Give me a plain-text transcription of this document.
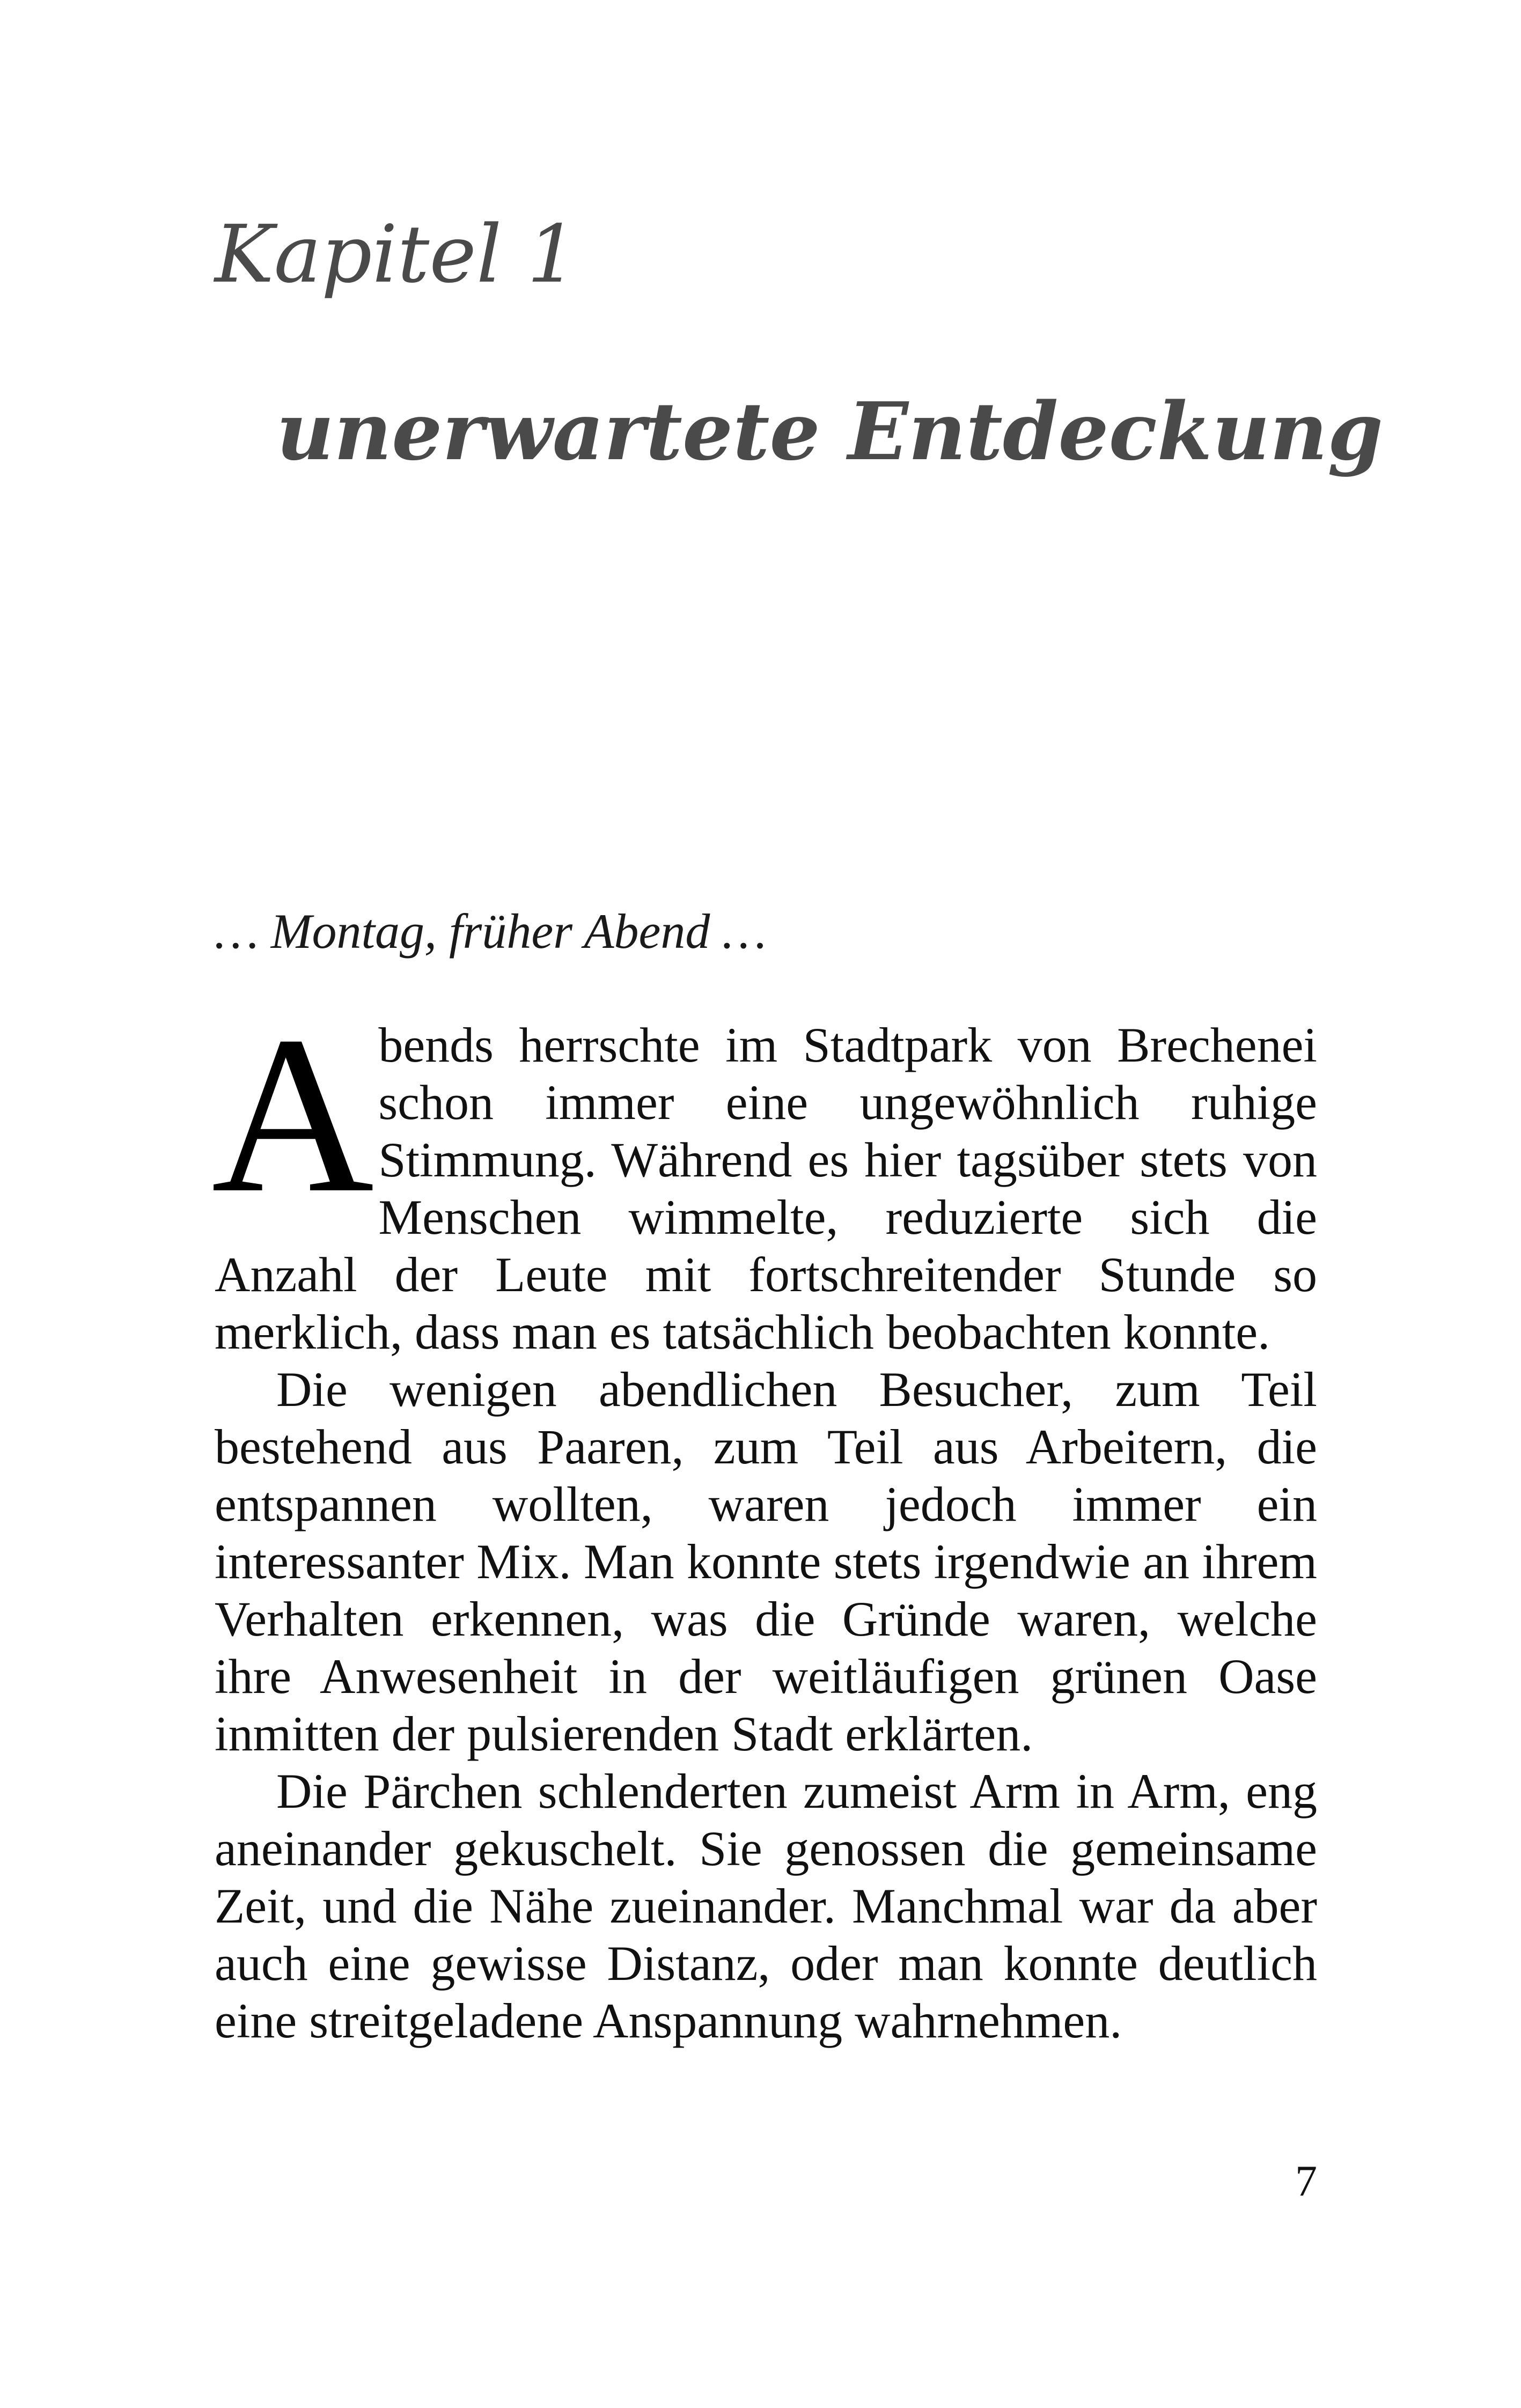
Kapitel 1
unerwartete Entdeckung
… Montag, früher Abend …

Abends herrschte im Stadtpark von Brechenei schon immer eine ungewöhnlich ruhige Stimmung. Während es hier tagsüber stets von Menschen wimmelte, reduzierte sich die Anzahl der Leute mit fortschreitender Stunde so merklich, dass man es tatsächlich beobachten konnte.

Die wenigen abendlichen Besucher, zum Teil bestehend aus Paaren, zum Teil aus Arbeitern, die entspannen wollten, waren jedoch immer ein interessanter Mix. Man konnte stets irgendwie an ihrem Verhalten erkennen, was die Gründe waren, welche ihre Anwesenheit in der weitläufigen grünen Oase inmitten der pulsierenden Stadt erklärten.

Die Pärchen schlenderten zumeist Arm in Arm, eng aneinander gekuschelt. Sie genossen die gemeinsame Zeit, und die Nähe zueinander. Manchmal war da aber auch eine gewisse Distanz, oder man konnte deutlich eine streitgeladene Anspannung wahrnehmen.

7
